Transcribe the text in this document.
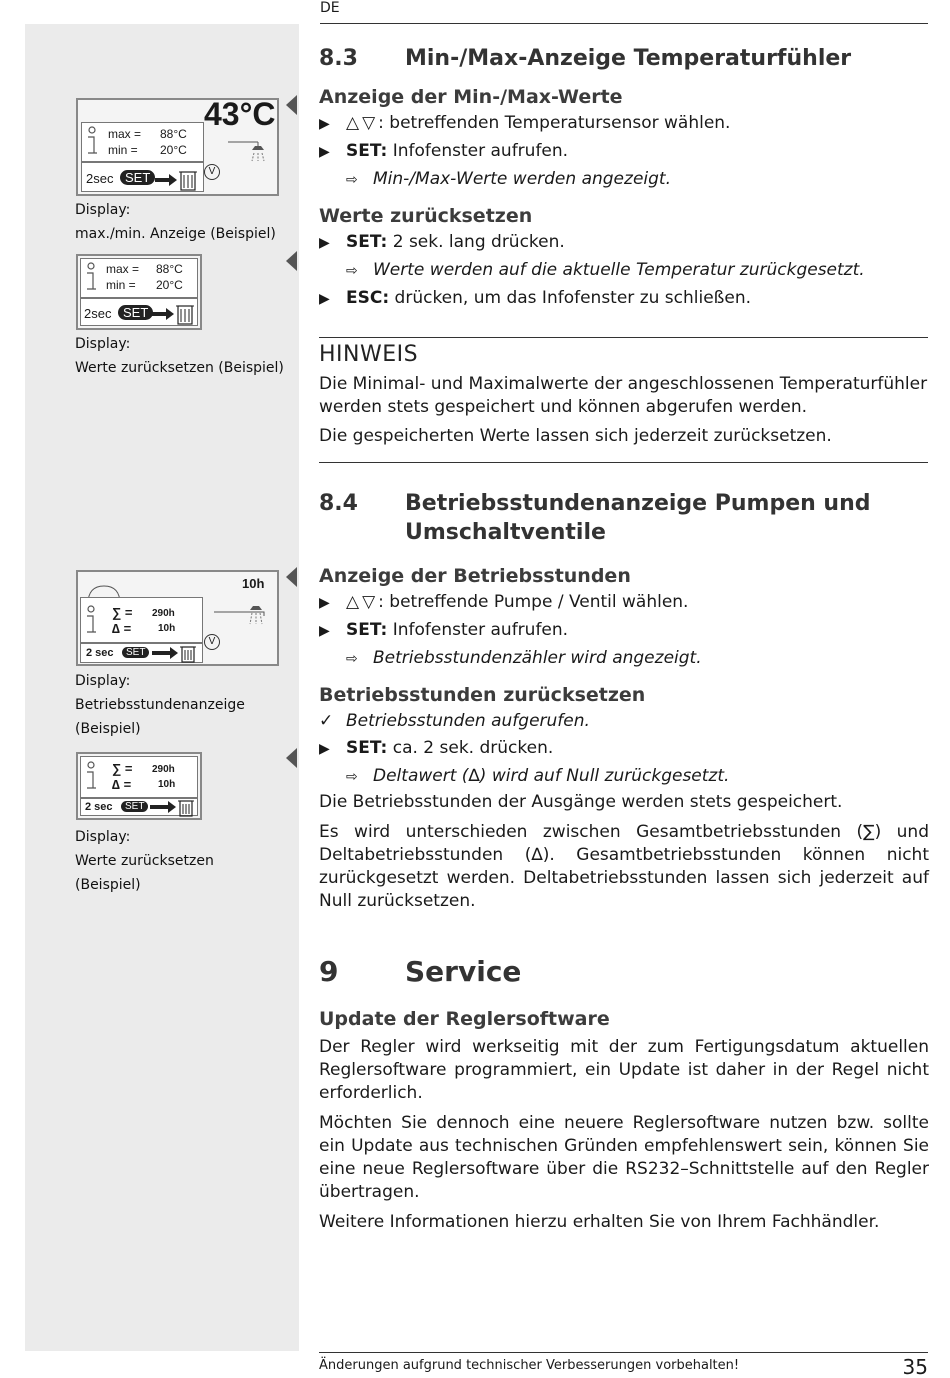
DE
max = 88°C
min = 20°C
43°C
2sec SET	V
Display:
max./min. Anzeige (Beispiel)
max = 88°C
min = 20°C
2sec SET
Display:
Werte zurücksetzen (Beispiel)
10h
∑ = 290h
∆ =	10h
2 sec	SET
V
Display:
Betriebsstundenanzeige
(Beispiel)
∑ = 290h
∆ =	10h
2 sec	SET
Display:
Werte zurücksetzen
(Beispiel)
8.3 Min-/Max-Anzeige Temperaturfühler
Anzeige der Min-/Max-Werte
▶ △▽: betreffenden Temperatursensor wählen.
▶ SET: Infofenster aufrufen.
⇨ Min-/Max-Werte werden angezeigt.
Werte zurücksetzen
▶ SET: 2 sek. lang drücken.
⇨ Werte werden auf die aktuelle Temperatur zurückgesetzt.
▶ ESC: drücken, um das Infofenster zu schließen.
HINWEIS
Die Minimal- und Maximalwerte der angeschlossenen Temperaturfühler werden stets gespeichert und können abgerufen werden.
Die gespeicherten Werte lassen sich jederzeit zurücksetzen.
8.4 Betriebsstundenanzeige Pumpen und
Umschaltventile
Anzeige der Betriebsstunden
▶ △▽: betreffende Pumpe / Ventil wählen.
▶ SET: Infofenster aufrufen.
⇨ Betriebsstundenzähler wird angezeigt.
Betriebsstunden zurücksetzen
✓ Betriebsstunden aufgerufen.
▶ SET: ca. 2 sek. drücken.
⇨ Deltawert (∆) wird auf Null zurückgesetzt.
Die Betriebsstunden der Ausgänge werden stets gespeichert.
Es wird unterschieden zwischen Gesamtbetriebsstunden (∑) und Deltabetriebsstunden (∆). Gesamtbetriebsstunden können nicht zurückgesetzt werden. Deltabetriebsstunden lassen sich jederzeit auf Null zurücksetzen.
9 Service
Update der Reglersoftware
Der Regler wird werkseitig mit der zum Fertigungsdatum aktuellen Reglersoftware programmiert, ein Update ist daher in der Regel nicht erforderlich.
Möchten Sie dennoch eine neuere Reglersoftware nutzen bzw. sollte ein Update aus technischen Gründen empfehlenswert sein, können Sie eine neue Reglersoftware über die RS232–Schnittstelle auf den Regler übertragen.
Weitere Informationen hierzu erhalten Sie von Ihrem Fachhändler.
Änderungen aufgrund technischer Verbesserungen vorbehalten!	35
